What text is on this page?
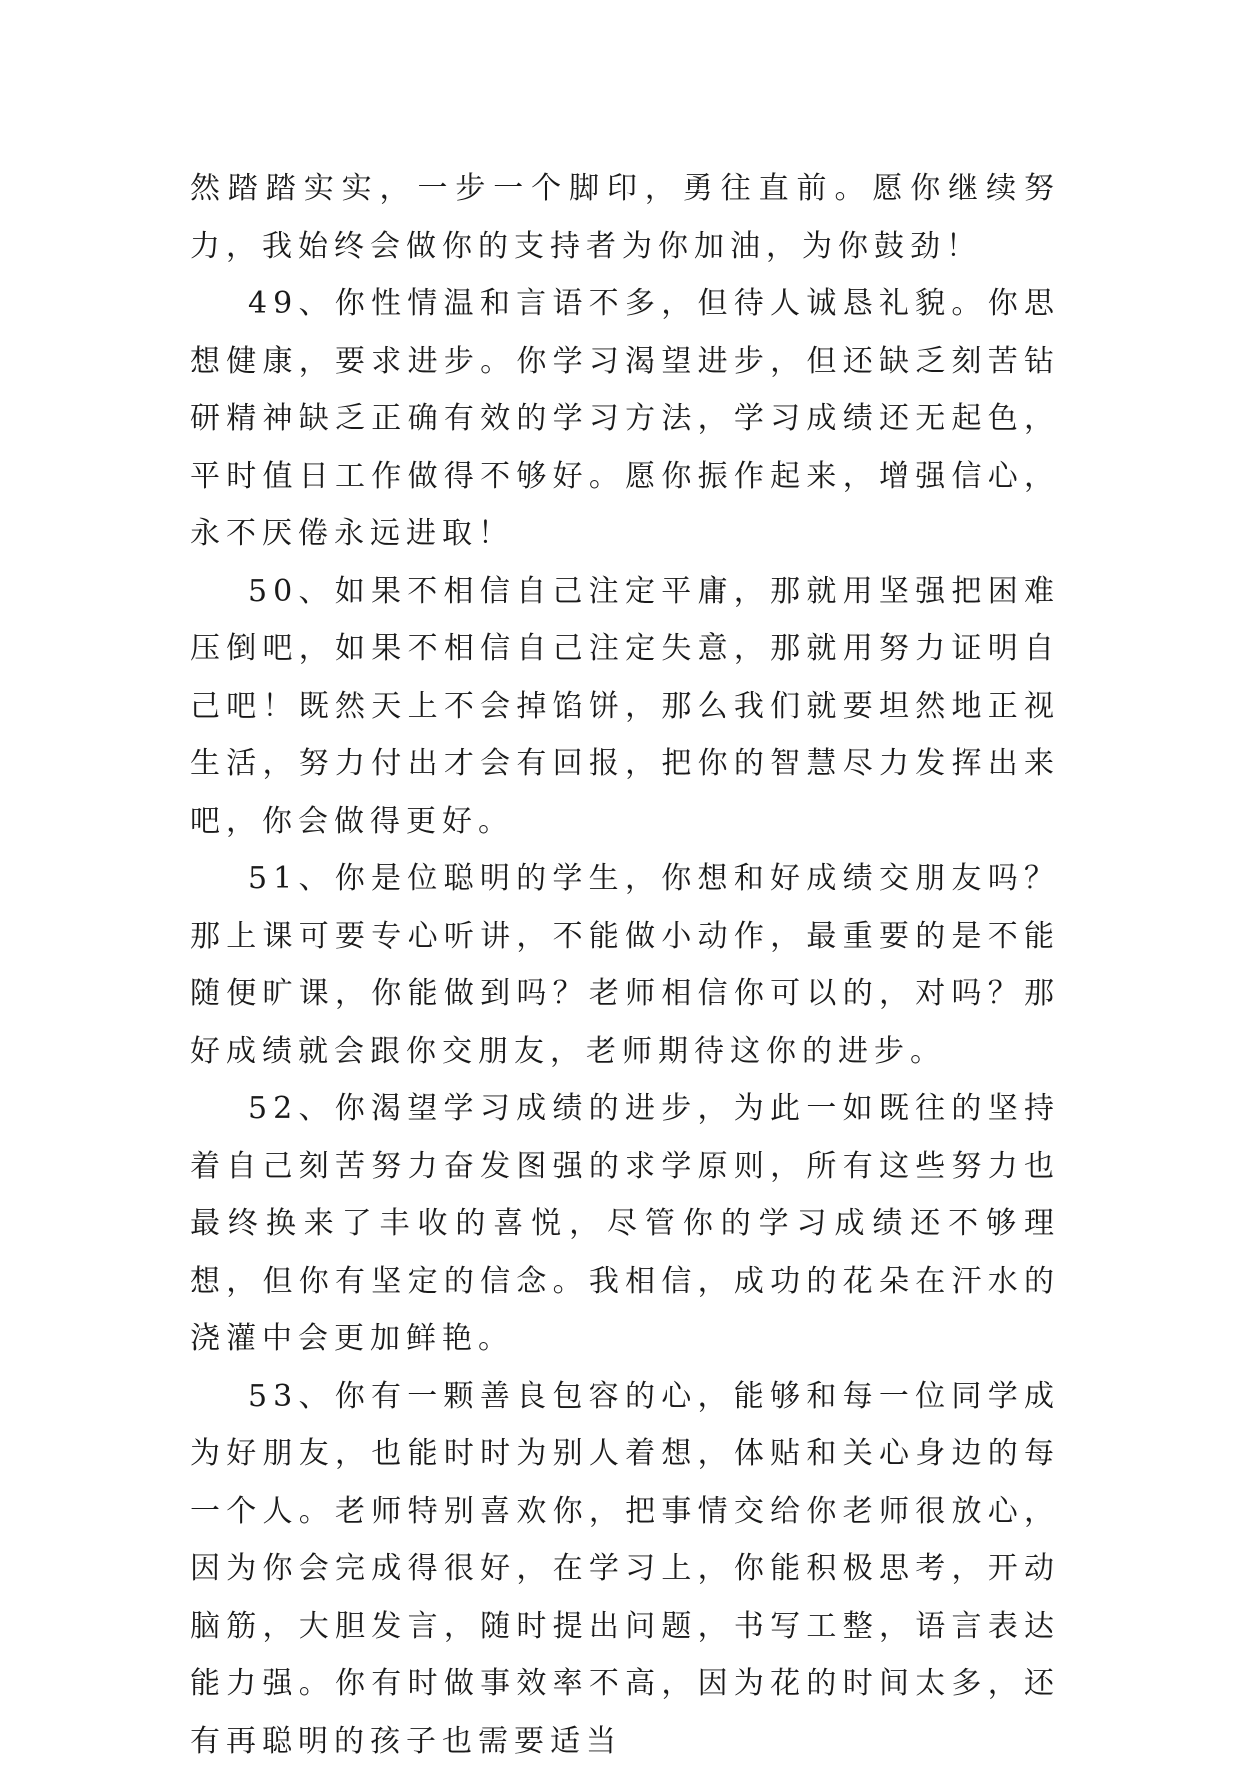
然踏踏实实，一步一个脚印，勇往直前。愿你继续努力，我始终会做你的支持者为你加油，为你鼓劲！

49、你性情温和言语不多，但待人诚恳礼貌。你思想健康，要求进步。你学习渴望进步，但还缺乏刻苦钻研精神缺乏正确有效的学习方法，学习成绩还无起色，平时值日工作做得不够好。愿你振作起来，增强信心，永不厌倦永远进取！

50、如果不相信自己注定平庸，那就用坚强把困难压倒吧，如果不相信自己注定失意，那就用努力证明自己吧！既然天上不会掉馅饼，那么我们就要坦然地正视生活，努力付出才会有回报，把你的智慧尽力发挥出来吧，你会做得更好。

51、你是位聪明的学生，你想和好成绩交朋友吗？那上课可要专心听讲，不能做小动作，最重要的是不能随便旷课，你能做到吗？老师相信你可以的，对吗？那好成绩就会跟你交朋友，老师期待这你的进步。

52、你渴望学习成绩的进步，为此一如既往的坚持着自己刻苦努力奋发图强的求学原则，所有这些努力也最终换来了丰收的喜悦，尽管你的学习成绩还不够理想，但你有坚定的信念。我相信，成功的花朵在汗水的浇灌中会更加鲜艳。

53、你有一颗善良包容的心，能够和每一位同学成为好朋友，也能时时为别人着想，体贴和关心身边的每一个人。老师特别喜欢你，把事情交给你老师很放心，因为你会完成得很好，在学习上，你能积极思考，开动脑筋，大胆发言，随时提出问题，书写工整，语言表达能力强。你有时做事效率不高，因为花的时间太多，还有再聪明的孩子也需要适当
